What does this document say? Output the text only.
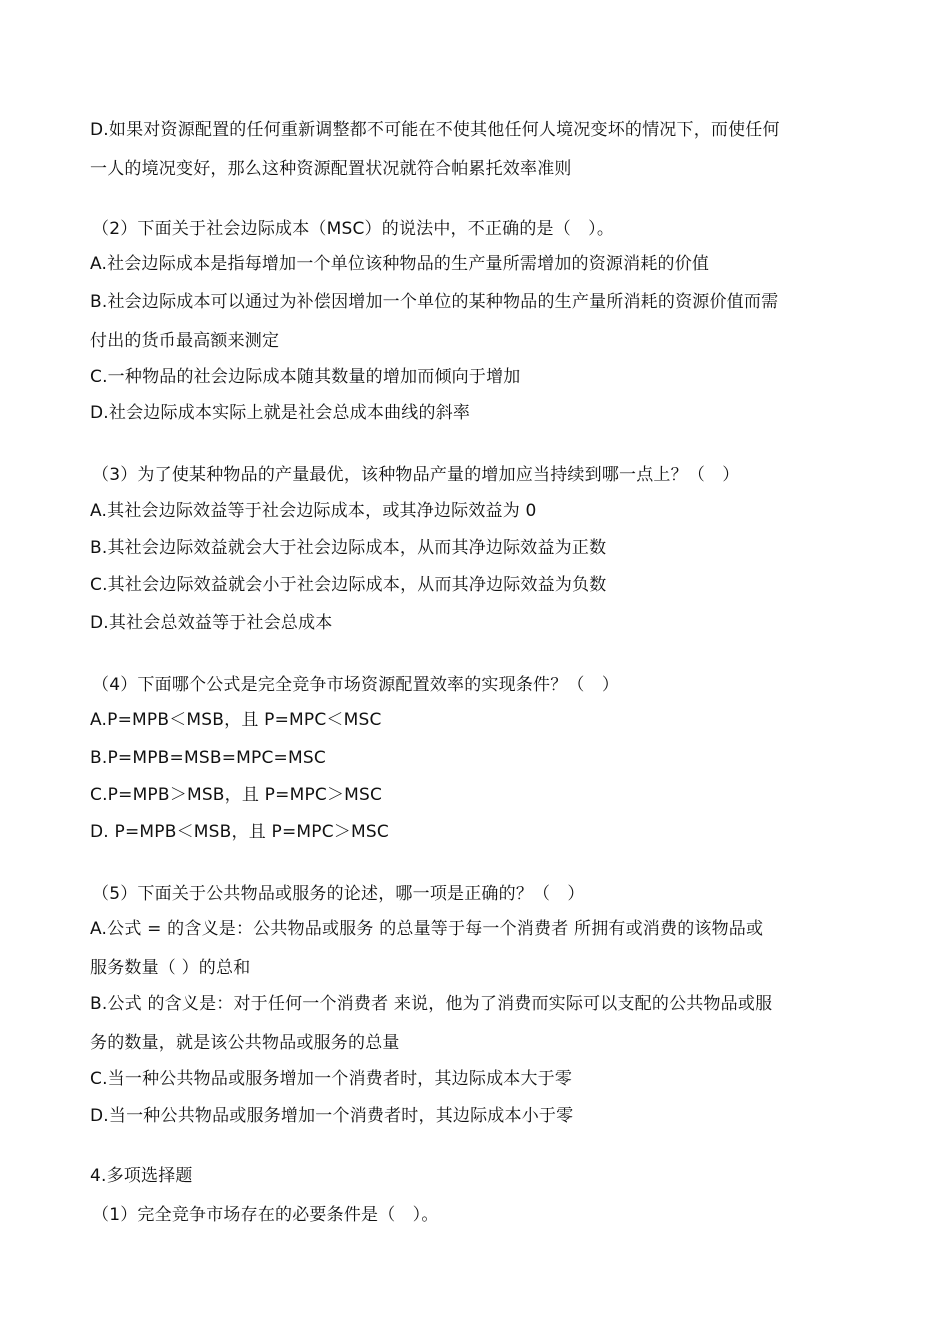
D.如果对资源配置的任何重新调整都不可能在不使其他任何人境况变坏的情况下，而使任何
一人的境况变好，那么这种资源配置状况就符合帕累托效率准则
（2）下面关于社会边际成本（MSC）的说法中，不正确的是（　）。
A.社会边际成本是指每增加一个单位该种物品的生产量所需增加的资源消耗的价值
B.社会边际成本可以通过为补偿因增加一个单位的某种物品的生产量所消耗的资源价值而需
付出的货币最高额来测定
C.一种物品的社会边际成本随其数量的增加而倾向于增加
D.社会边际成本实际上就是社会总成本曲线的斜率
（3）为了使某种物品的产量最优，该种物品产量的增加应当持续到哪一点上？（　）
A.其社会边际效益等于社会边际成本，或其净边际效益为 0
B.其社会边际效益就会大于社会边际成本，从而其净边际效益为正数
C.其社会边际效益就会小于社会边际成本，从而其净边际效益为负数
D.其社会总效益等于社会总成本
（4）下面哪个公式是完全竞争市场资源配置效率的实现条件？（　）
A.P=MPB＜MSB，且 P=MPC＜MSC
B.P=MPB=MSB=MPC=MSC
C.P=MPB＞MSB，且 P=MPC＞MSC
D. P=MPB＜MSB，且 P=MPC＞MSC
（5）下面关于公共物品或服务的论述，哪一项是正确的？（　）
A.公式 = 的含义是：公共物品或服务 的总量等于每一个消费者 所拥有或消费的该物品或
服务数量（ ）的总和
B.公式 的含义是：对于任何一个消费者 来说，他为了消费而实际可以支配的公共物品或服
务的数量，就是该公共物品或服务的总量
C.当一种公共物品或服务增加一个消费者时，其边际成本大于零
D.当一种公共物品或服务增加一个消费者时，其边际成本小于零
4.多项选择题
（1）完全竞争市场存在的必要条件是（　）。
